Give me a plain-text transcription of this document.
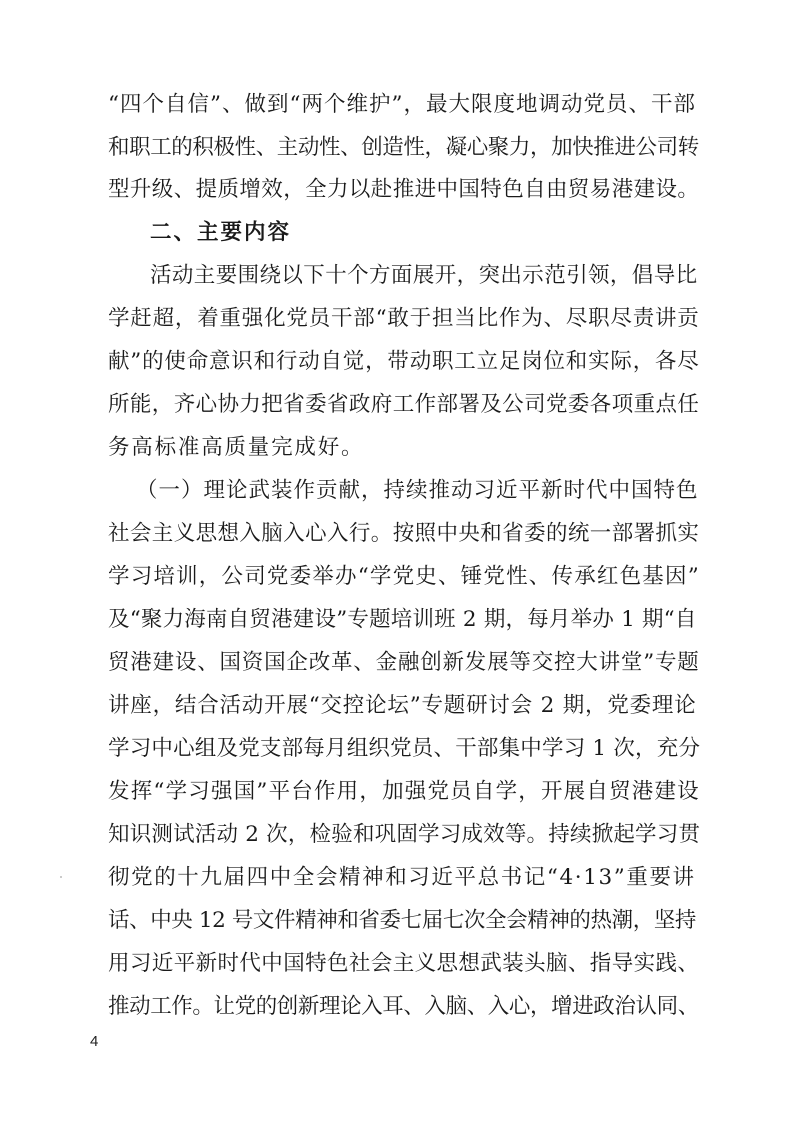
“四个自信”、做到“两个维护”，最大限度地调动党员、干部
和职工的积极性、主动性、创造性，凝心聚力，加快推进公司转
型升级、提质增效，全力以赴推进中国特色自由贸易港建设。
二、主要内容
活动主要围绕以下十个方面展开，突出示范引领，倡导比
学赶超，着重强化党员干部“敢于担当比作为、尽职尽责讲贡
献”的使命意识和行动自觉，带动职工立足岗位和实际，各尽
所能，齐心协力把省委省政府工作部署及公司党委各项重点任
务高标准高质量完成好。
（一）理论武装作贡献，持续推动习近平新时代中国特色
社会主义思想入脑入心入行。按照中央和省委的统一部署抓实
学习培训，公司党委举办“学党史、锤党性、传承红色基因”
及“聚力海南自贸港建设”专题培训班 2 期，每月举办 1 期“自
贸港建设、国资国企改革、金融创新发展等交控大讲堂”专题
讲座，结合活动开展“交控论坛”专题研讨会 2 期，党委理论
学习中心组及党支部每月组织党员、干部集中学习 1 次，充分
发挥“学习强国”平台作用，加强党员自学，开展自贸港建设
知识测试活动 2 次，检验和巩固学习成效等。持续掀起学习贯
彻党的十九届四中全会精神和习近平总书记“4·13”重要讲
话、中央 12 号文件精神和省委七届七次全会精神的热潮，坚持
用习近平新时代中国特色社会主义思想武装头脑、指导实践、
推动工作。让党的创新理论入耳、入脑、入心，增进政治认同、
4
